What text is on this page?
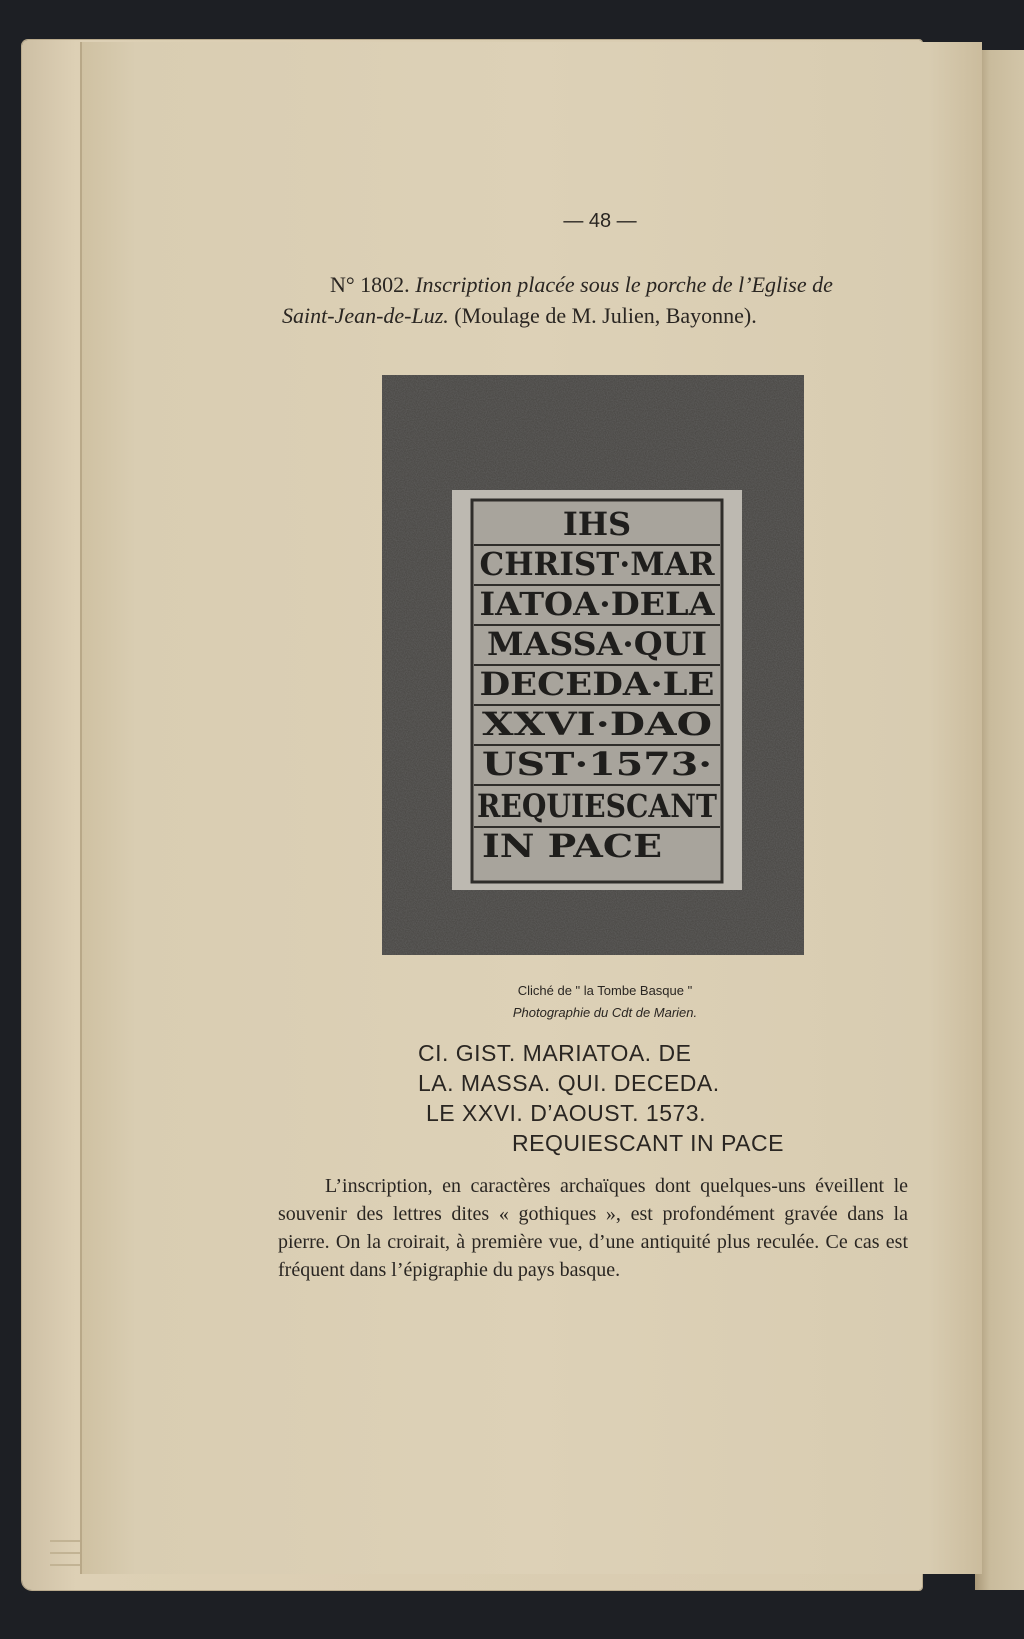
— 48 —
N° 1802. Inscription placée sous le porche de l’Eglise de
Saint-Jean-de-Luz. (Moulage de M. Julien, Bayonne).
IHS
CHRIST·MAR
IATOA·DELA
MASSA·QUI
DECEDA·LE
XXVI·DAO
UST·1573·
REQUIESCANT
IN PACE
Cliché de " la Tombe Basque "
Photographie du Cdt de Marien.
CI. GIST. MARIATOA. DE
LA. MASSA. QUI. DECEDA.
LE XXVI. D’AOUST. 1573.
REQUIESCANT IN PACE
L’inscription, en caractères archaïques dont quelques-uns éveillent le souvenir des lettres dites « gothiques », est profondément gravée dans la pierre. On la croirait, à première vue, d’une antiquité plus reculée. Ce cas est fréquent dans l’épigraphie du pays basque.
